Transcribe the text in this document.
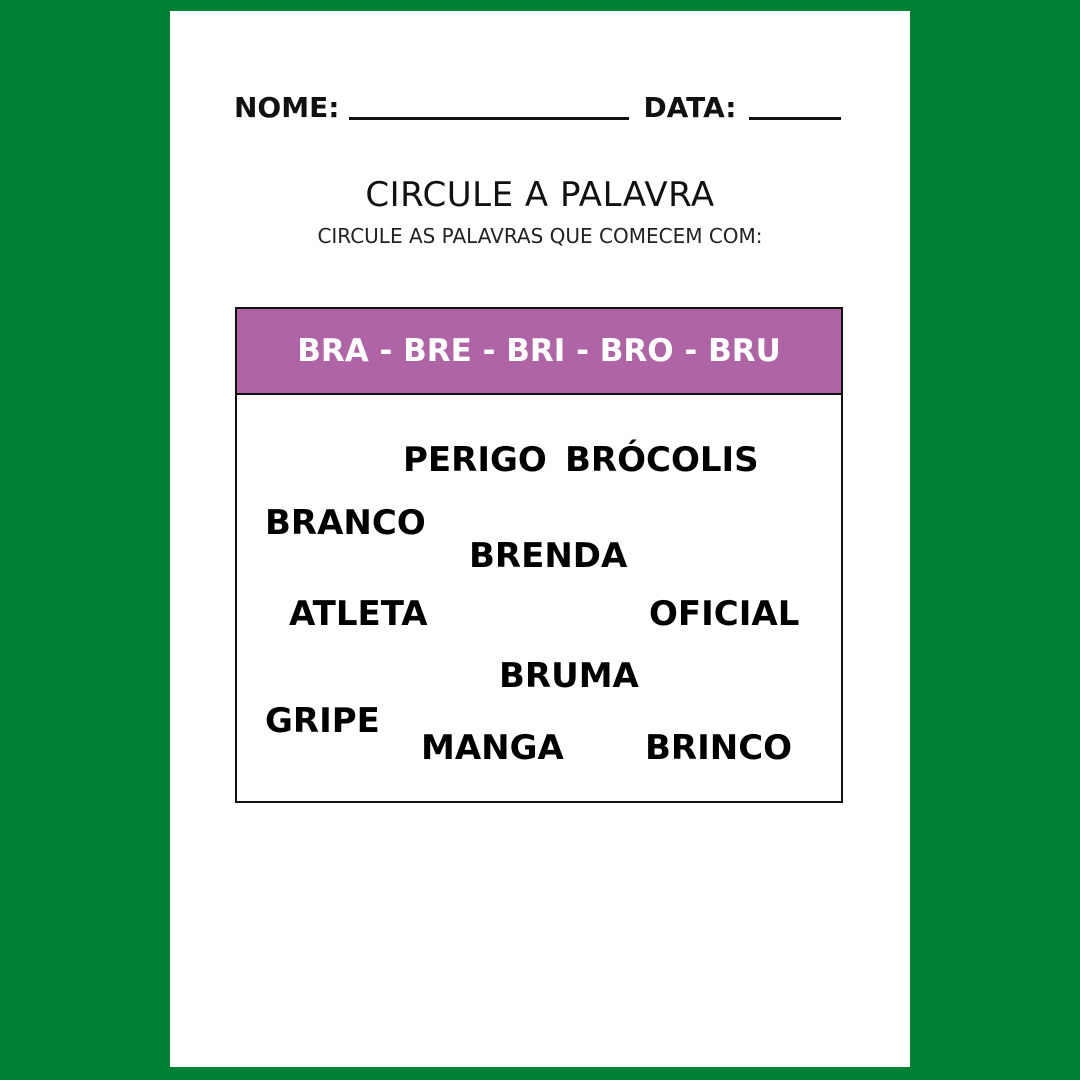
NOME:	DATA:
CIRCULE A PALAVRA
CIRCULE AS PALAVRAS QUE COMECEM COM:
BRA - BRE - BRI - BRO - BRU
PERIGO BRÓCOLIS
BRANCO
BRENDA
ATLETA	OFICIAL
BRUMA
GRIPE
MANGA BRINCO
